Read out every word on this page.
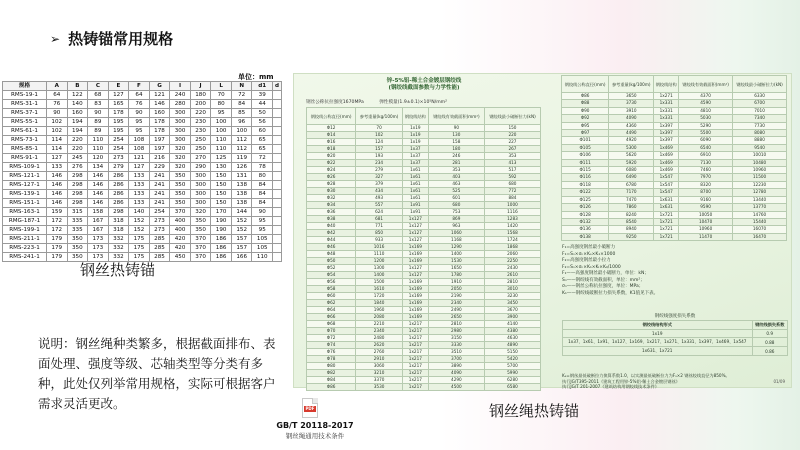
➢ 热铸锚常用规格
单位：mm
规格	A	B	C	E	F	G	I	J	L	N	d1	d
RMS-19-1	64	122	68	127	64	121	240	180	70	72	39	
RMS-31-1	76	140	83	165	76	146	280	200	80	84	44	
RMS-37-1	90	160	90	178	90	160	300	220	95	85	50	
RMS-55-1	102	194	89	195	95	178	300	230	100	96	56	
RMS-61-1	102	194	89	195	95	178	300	230	100	100	60	
RMS-73-1	114	220	110	254	108	197	300	250	110	112	65	
RMS-85-1	114	220	110	254	108	197	320	250	110	112	65	
RMS-91-1	127	245	120	273	121	216	320	270	125	119	72	
RMS-109-1	133	276	134	279	127	229	320	290	130	126	78	
RMS-121-1	146	298	146	286	133	241	350	300	150	131	80	
RMS-127-1	146	298	146	286	133	241	350	300	150	138	84	
RMS-139-1	146	298	146	286	133	241	350	300	150	138	84	
RMS-151-1	146	298	146	286	133	241	350	300	150	138	84	
RMS-163-1	159	315	158	298	140	254	370	320	170	144	90	
RMG-187-1	172	335	167	318	152	273	400	350	190	152	95	
RMS-199-1	172	335	167	318	152	273	400	350	190	152	95	
RMS-211-1	179	350	173	332	175	285	420	370	186	157	105	
RMS-223-1	179	350	173	332	175	285	420	370	186	157	105	
RMS-241-1	179	350	173	332	175	285	450	370	186	166	110	
钢丝热铸锚
说明：钢丝绳种类繁多，根据截面排布、表面处理、强度等级、芯轴类型等分类有多种，此处仅列举常用规格，实际可根据客户需求灵活更改。
锌-5%铝-稀土合金镀层钢绞线
(钢绞线截面参数与力学性能)
钢丝公称抗拉强度1670MPa	弹性模量(1.9±0.1)×10⁵N/mm²
钢绞线公称直径(mm)	参考重量(kg/100m)	钢绞线结构	钢绞线有效截面积(mm²)	钢绞线最小破断拉力(kN)
Φ12	70	1x19	90	150
Φ14	102	1x19	130	220
Φ16	124	1x19	158	227
Φ18	157	1x37	180	267
Φ20	193	1x37	246	353
Φ22	234	1x37	281	413
Φ24	279	1x61	353	517
Φ26	327	1x61	403	592
Φ28	379	1x61	463	680
Φ30	434	1x61	525	772
Φ32	493	1x61	601	884
Φ34	557	1x91	680	1000
Φ36	624	1x91	753	1116
Φ38	681	1x127	869	1283
Φ40	771	1x127	963	1420
Φ42	850	1x127	1060	1568
Φ44	933	1x127	1168	1724
Φ46	1016	1x169	1290	1868
Φ48	1110	1x169	1400	2060
Φ50	1200	1x169	1530	2250
Φ52	1300	1x127	1650	2430
Φ54	1400	1x127	1780	2610
Φ56	1500	1x169	1910	2810
Φ58	1610	1x169	2050	3010
Φ60	1720	1x169	2190	3230
Φ62	1840	1x169	2340	3450
Φ64	1960	1x169	2490	3670
Φ66	2080	1x169	2650	3900
Φ68	2210	1x217	2810	4140
Φ70	2340	1x217	2980	4380
Φ72	2480	1x217	3150	4630
Φ74	2620	1x217	3330	4890
Φ76	2760	1x217	3510	5150
Φ78	2910	1x217	3700	5420
Φ80	3060	1x217	3890	5700
Φ82	3210	1x217	4090	5990
Φ84	3370	1x217	4290	6280
Φ86	3530	1x217	4500	6580
钢绞线公称直径(mm)	参考重量(kg/100m)	钢绞线结构	钢绞线有效截面积(mm²)	钢绞线最小破断拉力(kN)
Φ86	3650	1x271	4370	6330
Φ88	3730	1x331	4590	6700
Φ90	3910	1x331	4810	7010
Φ92	4090	1x331	5030	7340
Φ95	4360	1x397	5290	7730
Φ97	4490	1x397	5500	8080
Φ101	4920	1x397	6090	8880
Φ105	5300	1x469	6540	9540
Φ106	5620	1x469	6910	10010
Φ111	5920	1x469	7130	10480
Φ115	6080	1x469	7460	10960
Φ116	6490	1x547	7970	11500
Φ118	6780	1x547	8320	12230
Φ122	7170	1x547	8700	12780
Φ125	7470	1x631	9160	13440
Φ126	7860	1x631	9590	13770
Φ128	8240	1x721	10050	14760
Φ132	8540	1x721	10470	15440
Φ136	8940	1x721	10960	16070
Φ138	9250	1x721	11470	16470
F₁=高强度钢丝最小破断力
F₁=Sₙ×σₙ×Kₛ×K₁×1000
F₂=高强度钢丝最小拉力
F₂=Sₙ×σₙ×K₁×Kₗ×K₀/1000
F₁——高强度钢丝最小破断力，单位：kN；
Sₙ——钢绞线有效截面积，单位：mm²；
σₙ——钢丝公称抗拉强度，单位：MPa；
K₁——钢绞线破断拉力损失系数，K1值见下表。
钢绞线强度损失系数
钢绞线结构形式	钢绞线损失系数
1x19	0.9
1x37、1x61、1x91、1x127、1x169、1x217、1x271、1x331、1x397、1x469、1x547	0.88
1x631、1x721	0.86
Kₛ=钢丝最低破断拉力换算系数1.0，以实测最低破断拉力为Fₛ×2 钢丝绞线直径为850%。
执行JG/T395-2011《建筑工程用锌-5%铝-稀土合金镀层钢丝》
执行JG/T 201-2007《建筑结构用钢绞线技术条件》
01/09
钢丝绳热铸锚
PDF
GB/T 20118-2017
钢丝绳通用技术条件
